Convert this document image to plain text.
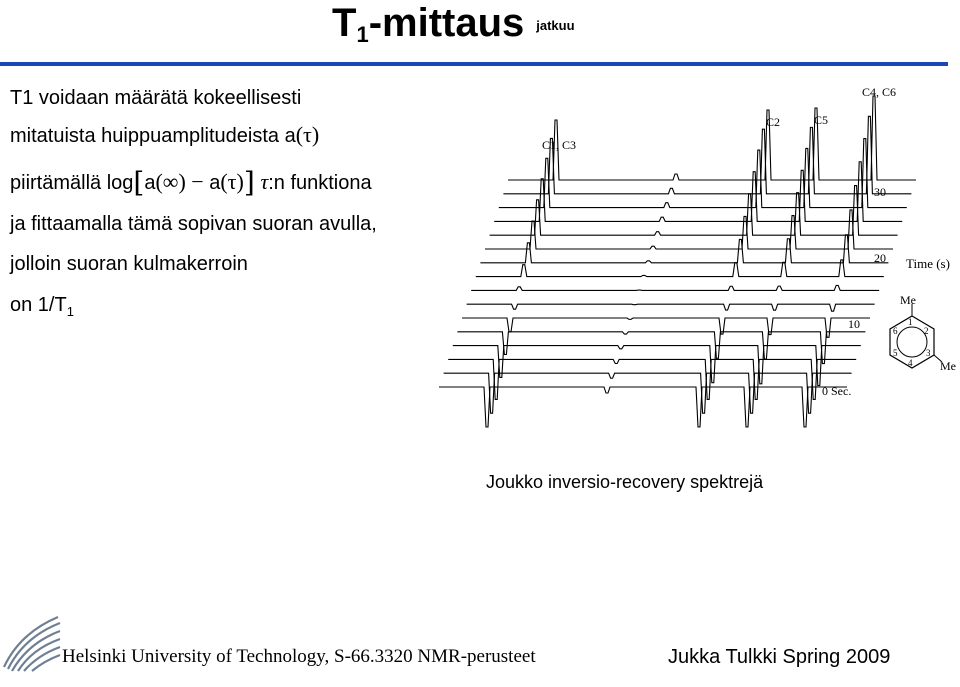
$T_1$-mittaus jatkuu
T1 voidaan määrätä kokeellisesti
mitatuista huippuamplitudeista a(τ)
piirtämällä log[a(∞) − a(τ)] τ:n funktiona
ja fittaamalla tämä sopivan suoran avulla,
jolloin suoran kulmakerroin
on $1/T_1$
C1, C3
C2	C5
C4, C6
30
20
10
0 Sec.
Time (s)
Me
Me
1
2
3
4
5
6
Joukko inversio-recovery spektrejä
Helsinki University of Technology, S-66.3320 NMR-perusteet	Jukka Tulkki Spring 2009
